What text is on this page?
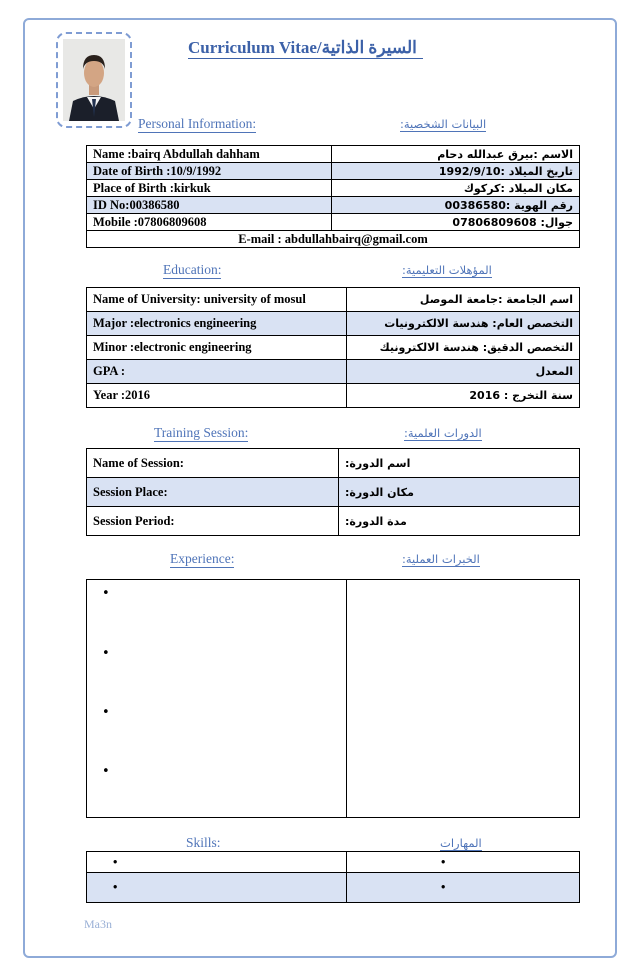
Curriculum Vitae/السيرة الذاتية
Personal Information:	:البيانات الشخصية
Name :bairq Abdullah dahham	الاسم :بيرق عبدالله دحام
Date of Birth :10/9/1992	تاريخ الميلاد :1992/9/10
Place of Birth :kirkuk	مكان الميلاد :كركوك
ID No:00386580	رقم الهوية :00386580
Mobile :07806809608	جوال: 07806809608
E-mail : abdullahbairq@gmail.com	
Education:	:المؤهلات التعليمية
Name of University: university of mosul	اسم الجامعة :جامعة الموصل
Major :electronics engineering	التخصص العام: هندسة الالكترونيات
Minor :electronic engineering	التخصص الدقيق: هندسة الالكترونيك
GPA :	المعدل
Year :2016	سنة التخرج : 2016
Training Session:	:الدورات العلمية
Name of Session:	اسم الدورة:
Session Place:	مكان الدورة:
Session Period:	مدة الدورة:
Experience:	:الخبرات العملية

•
•
•
•
Skills:	المهارات
•	•
•	•
Ma3n
